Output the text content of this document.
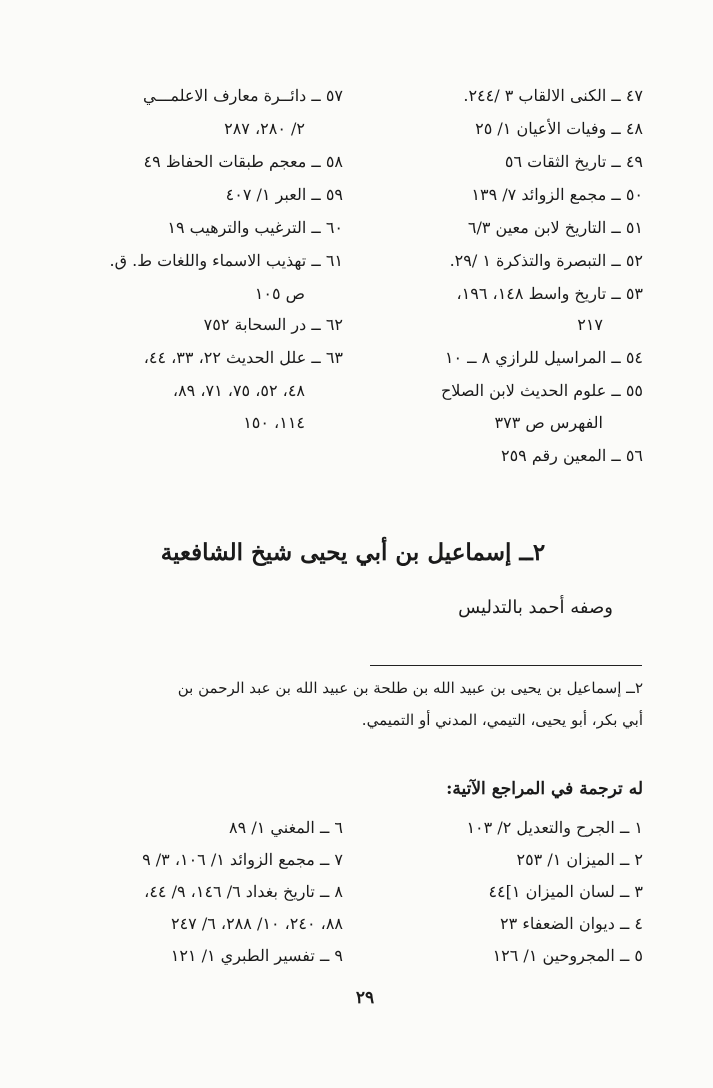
٤٧ ــ الكنى الالقاب ٣ /٢٤٤.
٤٨ ــ وفيات الأعيان ١/ ٢٥
٤٩ ــ تاريخ الثقات ٥٦
٥٠ ــ مجمع الزوائد ٧/ ١٣٩
٥١ ــ التاريخ لابن معين ٦/٣
٥٢ ــ التبصرة والتذكرة ١ /٢٩.
٥٣ ــ تاريخ واسط ١٤٨، ١٩٦،
٢١٧
٥٤ ــ المراسيل للرازي ٨ ــ ١٠
٥٥ ــ علوم الحديث لابن الصلاح
الفهرس ص ٣٧٣
٥٦ ــ المعين رقم ٢٥٩
٥٧ ــ دائــرة معارف الاعلمـــي
٢/ ٢٨٠، ٢٨٧
٥٨ ــ معجم طبقات الحفاظ ٤٩
٥٩ ــ العبر ١/ ٤٠٧
٦٠ ــ الترغيب والترهيب ١٩
٦١ ــ تهذيب الاسماء واللغات ط. ق.
ص ١٠٥
٦٢ ــ در السحابة ٧٥٢
٦٣ ــ علل الحديث ٢٢، ٣٣، ٤٤،
٤٨، ٥٢، ٧٥، ٧١، ٨٩،
١١٤، ١٥٠
٢ــ إسماعيل بن أبي يحيى شيخ الشافعية
وصفه أحمد بالتدليس
٢ــ إسماعيل بن يحيى بن عبيد الله بن طلحة بن عبيد الله بن عبد الرحمن بن
أبي بكر، أبو يحيى، التيمي، المدني أو التميمي.
له ترجمة في المراجع الآتية:
١ ــ الجرح والتعديل ٢/ ١٠٣
٢ ــ الميزان ١/ ٢٥٣
٣ ــ لسان الميزان ١]٤٤
٤ ــ ديوان الضعفاء ٢٣
٥ ــ المجروحين ١/ ١٢٦
٦ ــ المغني ١/ ٨٩
٧ ــ مجمع الزوائد ١/ ١٠٦، ٣/ ٩
٨ ــ تاريخ بغداد ٦/ ١٤٦، ٩/ ٤٤،
٨٨، ٢٤٠، ١٠/ ٢٨٨، ٦/ ٢٤٧
٩ ــ تفسير الطبري ١/ ١٢١
٢٩
